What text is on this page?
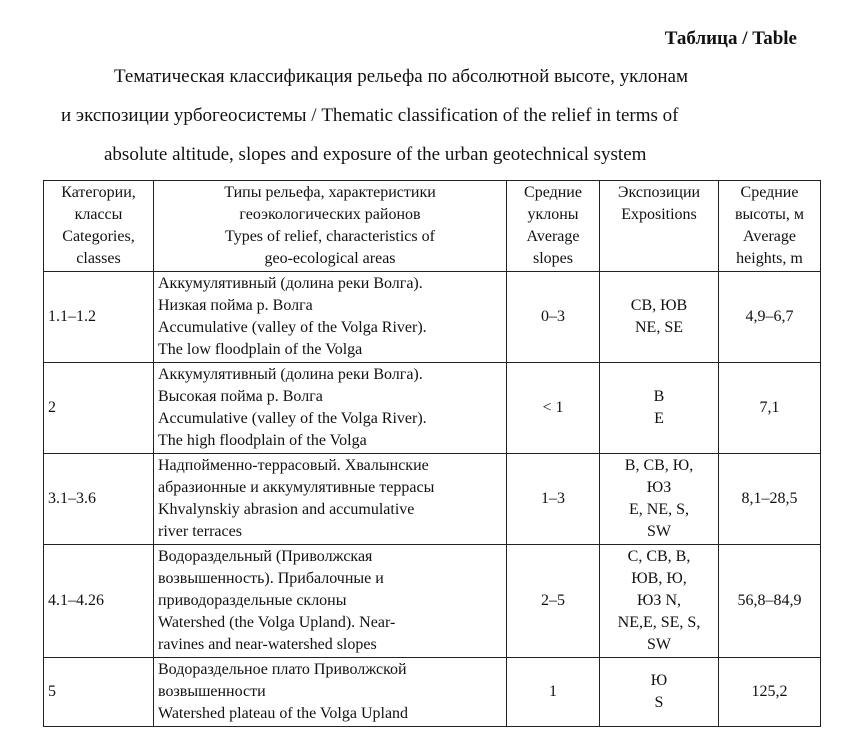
Таблица / Table
Тематическая классификация рельефа по абсолютной высоте, уклонам
и экспозиции урбогеосистемы / Thematic classification of the relief in terms of
absolute altitude, slopes and exposure of the urban geotechnical system
Категории,
классы
Categories,
classes	Типы рельефа, характеристики
геоэкологических районов
Types of relief, characteristics of
geo-ecological areas	Средние
уклоны
Average
slopes	Экспозиции
Expositions	Средние
высоты, м
Average
heights, m

1.1–1.2	Аккумулятивный (долина реки Волга).
Низкая пойма р. Волга
Accumulative (valley of the Volga River).
The low floodplain of the Volga	0–3	СВ, ЮВ
NE, SE	4,9–6,7
2	Аккумулятивный (долина реки Волга).
Высокая пойма р. Волга
Accumulative (valley of the Volga River).
The high floodplain of the Volga	< 1	В
E	7,1
3.1–3.6	Надпойменно-террасовый. Хвалынские
абразионные и аккумулятивные террасы
Khvalynskiy abrasion and accumulative
river terraces	1–3	В, СВ, Ю,
ЮЗ
E, NE, S,
SW	8,1–28,5
4.1–4.26	Водораздельный (Приволжская
возвышенность). Прибалочные и
приводораздельные склоны
Watershed (the Volga Upland). Near-
ravines and near-watershed slopes	2–5	С, СВ, В,
ЮВ, Ю,
ЮЗ N,
NE,E, SE, S,
SW	56,8–84,9
5	Водораздельное плато Приволжской
возвышенности
Watershed plateau of the Volga Upland	1	Ю
S	125,2
